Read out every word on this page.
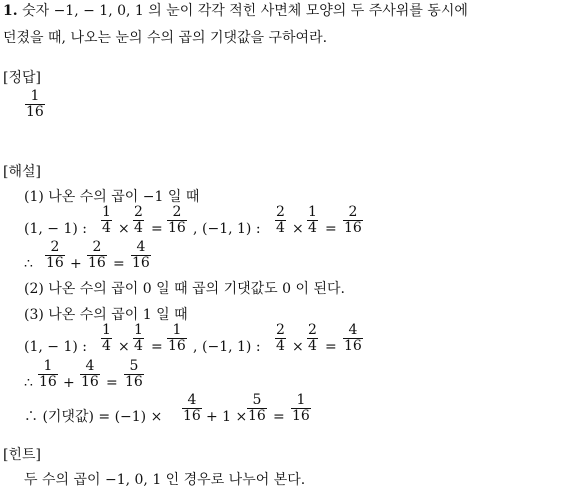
1. 숫자 −1, − 1, 0, 1 의 눈이 각각 적힌 사면체 모양의 두 주사위를 동시에
던졌을 때, 나오는 눈의 수의 곱의 기댓값을 구하여라.
[정답]
1
16
[해설]
(1) 나온 수의 곱이 −1 일 때
(1, − 1) :
1
4 ×
2
4 =
2
16 , (−1, 1) :
2
4 ×
1
4 =
2
16
∴
2
16 +
2
16 =
4
16
(2) 나온 수의 곱이 0 일 때 곱의 기댓값도 0 이 된다.
(3) 나온 수의 곱이 1 일 때
(1, − 1) :
1
4 ×
1
4 =
1
16 , (−1, 1) :
2
4 ×
2
4 =
4
16
∴
1
16 +
4
16 =
5
16
∴ (기댓값) = (−1) ×
4
16 + 1 ×
5
16 =
1
16
[힌트]
두 수의 곱이 −1, 0, 1 인 경우로 나누어 본다.
